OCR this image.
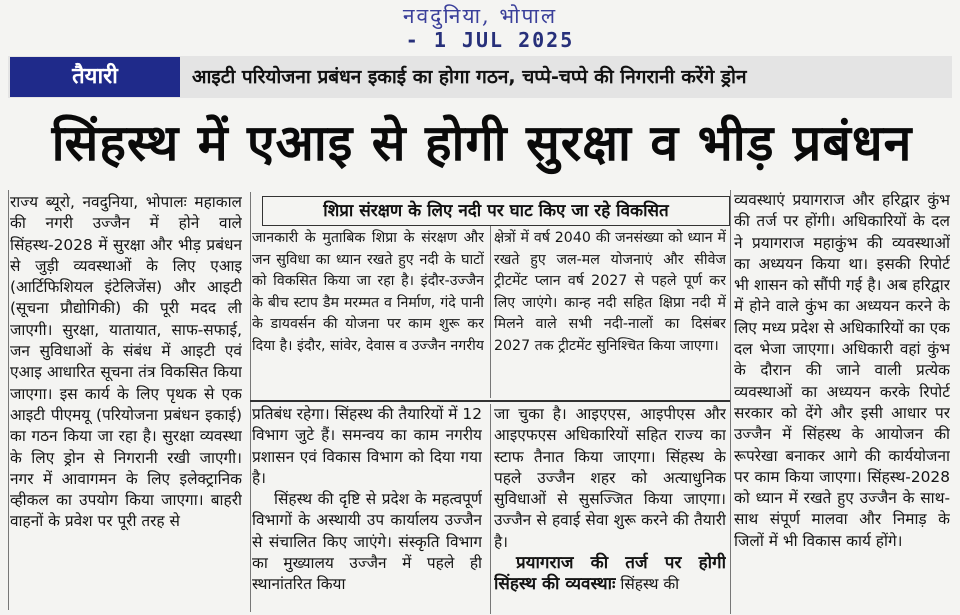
नवदुनिया, भोपाल
- 1 JUL 2025
तैयारी	आइटी परियोजना प्रबंधन इकाई का होगा गठन, चप्पे-चप्पे की निगरानी करेंगे ड्रोन
सिंहस्थ में एआइ से होगी सुरक्षा व भीड़ प्रबंधन

राज्य ब्यूरो, नवदुनिया, भोपालः महाकाल की नगरी उज्जैन में होने वाले सिंहस्थ-2028 में सुरक्षा और भीड़ प्रबंधन से जुड़ी व्यवस्थाओं के लिए एआइ (आर्टिफिशियल इंटेलिजेंस) और आइटी (सूचना प्रौद्योगिकी) की पूरी मदद ली जाएगी। सुरक्षा, यातायात, साफ-सफाई, जन सुविधाओं के संबंध में आइटी एवं एआइ आधारित सूचना तंत्र विकसित किया जाएगा। इस कार्य के लिए पृथक से एक आइटी पीएमयू (परियोजना प्रबंधन इकाई) का गठन किया जा रहा है। सुरक्षा व्यवस्था के लिए ड्रोन से निगरानी रखी जाएगी। नगर में आवागमन के लिए इलेक्ट्रानिक व्हीकल का उपयोग किया जाएगा। बाहरी वाहनों के प्रवेश पर पूरी तरह से

शिप्रा संरक्षण के लिए नदी पर घाट किए जा रहे विकसित

जानकारी के मुताबिक शिप्रा के संरक्षण और जन सुविधा का ध्यान रखते हुए नदी के घाटों को विकसित किया जा रहा है। इंदौर-उज्जैन के बीच स्टाप डैम मरम्मत व निर्माण, गंदे पानी के डायवर्सन की योजना पर काम शुरू कर दिया है। इंदौर, सांवेर, देवास व उज्जैन नगरीय

क्षेत्रों में वर्ष 2040 की जनसंख्या को ध्यान में रखते हुए जल-मल योजनाएं और सीवेज ट्रीटमेंट प्लान वर्ष 2027 से पहले पूर्ण कर लिए जाएंगे। कान्ह नदी सहित क्षिप्रा नदी में मिलने वाले सभी नदी-नालों का दिसंबर 2027 तक ट्रीटमेंट सुनिश्चित किया जाएगा।

प्रतिबंध रहेगा। सिंहस्थ की तैयारियों में 12 विभाग जुटे हैं। समन्वय का काम नगरीय प्रशासन एवं विकास विभाग को दिया गया है।

सिंहस्थ की दृष्टि से प्रदेश के महत्वपूर्ण विभागों के अस्थायी उप कार्यालय उज्जैन से संचालित किए जाएंगे। संस्कृति विभाग का मुख्यालय उज्जैन में पहले ही स्थानांतरित किया

जा चुका है। आइएएस, आइपीएस और आइएफएस अधिकारियों सहित राज्य का स्टाफ तैनात किया जाएगा। सिंहस्थ के पहले उज्जैन शहर को अत्याधुनिक सुविधाओं से सुसज्जित किया जाएगा। उज्जैन से हवाई सेवा शुरू करने की तैयारी है।

प्रयागराज की तर्ज पर होगी सिंहस्थ की व्यवस्थाः सिंहस्थ की

व्यवस्थाएं प्रयागराज और हरिद्वार कुंभ की तर्ज पर होंगी। अधिकारियों के दल ने प्रयागराज महाकुंभ की व्यवस्थाओं का अध्ययन किया था। इसकी रिपोर्ट भी शासन को सौंपी गई है। अब हरिद्वार में होने वाले कुंभ का अध्ययन करने के लिए मध्य प्रदेश से अधिकारियों का एक दल भेजा जाएगा। अधिकारी वहां कुंभ के दौरान की जाने वाली प्रत्येक व्यवस्थाओं का अध्ययन करके रिपोर्ट सरकार को देंगे और इसी आधार पर उज्जैन में सिंहस्थ के आयोजन की रूपरेखा बनाकर आगे की कार्ययोजना पर काम किया जाएगा। सिंहस्थ-2028 को ध्यान में रखते हुए उज्जैन के साथ-साथ संपूर्ण मालवा और निमाड़ के जिलों में भी विकास कार्य होंगे।
